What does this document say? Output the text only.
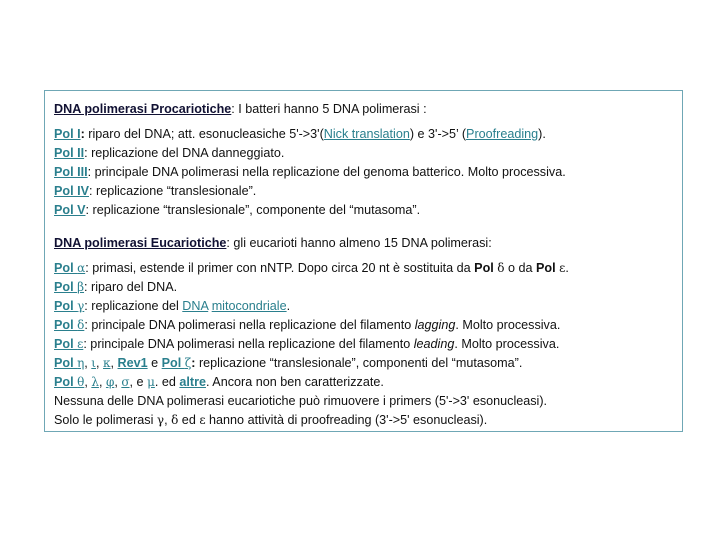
DNA polimerasi Procariotiche: I batteri hanno 5 DNA polimerasi :

Pol I: riparo del DNA; att. esonucleasiche 5'->3'(Nick translation) e 3'->5’ (Proofreading).

Pol II: replicazione del DNA danneggiato.

Pol III: principale DNA polimerasi nella replicazione del genoma batterico. Molto processiva.

Pol IV: replicazione “translesionale”.

Pol V: replicazione “translesionale”, componente del “mutasoma”.

DNA polimerasi Eucariotiche: gli eucarioti hanno almeno 15 DNA polimerasi:

Pol α: primasi, estende il primer con nNTP. Dopo circa 20 nt è sostituita da Pol δ o da Pol ε.

Pol β: riparo del DNA.

Pol γ: replicazione del DNA mitocondriale.

Pol δ: principale DNA polimerasi nella replicazione del filamento lagging. Molto processiva.

Pol ε: principale DNA polimerasi nella replicazione del filamento leading. Molto processiva.

Pol η, ι, κ, Rev1 e Pol ζ: replicazione “translesionale”, componenti del “mutasoma”.

Pol θ, λ, φ, σ, e μ. ed altre. Ancora non ben caratterizzate.

Nessuna delle DNA polimerasi eucariotiche può rimuovere i primers (5'->3' esonucleasi).

Solo le polimerasi γ, δ ed ε hanno attività di proofreading (3'->5' esonucleasi).
